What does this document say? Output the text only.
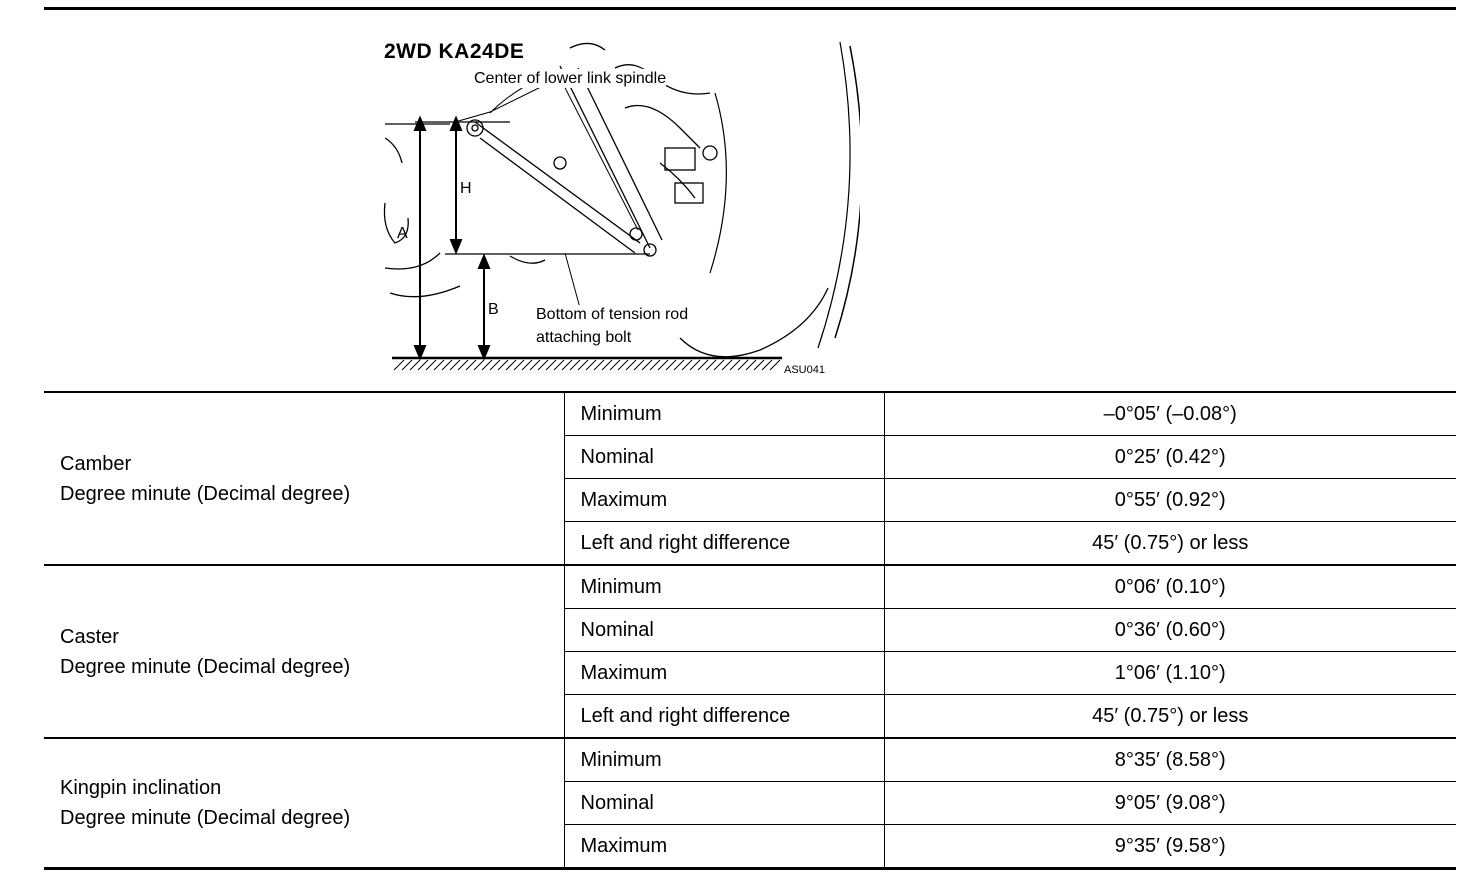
2WD KA24DE
Center of lower link spindle
Bottom of tension rod
attaching bolt
A
H
B
ASU041
Camber
Degree minute (Decimal degree)	Minimum	–0°05′ (–0.08°)
	Nominal	0°25′ (0.42°)
	Maximum	0°55′ (0.92°)
	Left and right difference	45′ (0.75°) or less

Caster
Degree minute (Decimal degree)	Minimum	0°06′ (0.10°)
	Nominal	0°36′ (0.60°)
	Maximum	1°06′ (1.10°)
	Left and right difference	45′ (0.75°) or less

Kingpin inclination
Degree minute (Decimal degree)	Minimum	8°35′ (8.58°)
	Nominal	9°05′ (9.08°)
	Maximum	9°35′ (9.58°)
